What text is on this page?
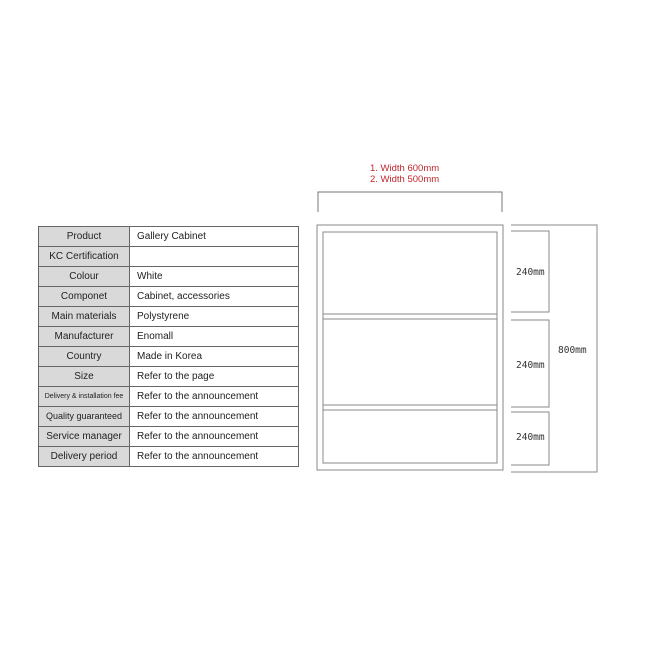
Product	Gallery Cabinet
KC Certification	
Colour	White
Componet	Cabinet, accessories
Main materials	Polystyrene
Manufacturer	Enomall
Country	Made in Korea
Size	Refer to the page
Delivery & installation fee	Refer to the announcement
Quality guaranteed	Refer to the announcement
Service manager	Refer to the announcement
Delivery period	Refer to the announcement
1. Width 600mm
2. Width 500mm
240mm
240mm
240mm
800mm
